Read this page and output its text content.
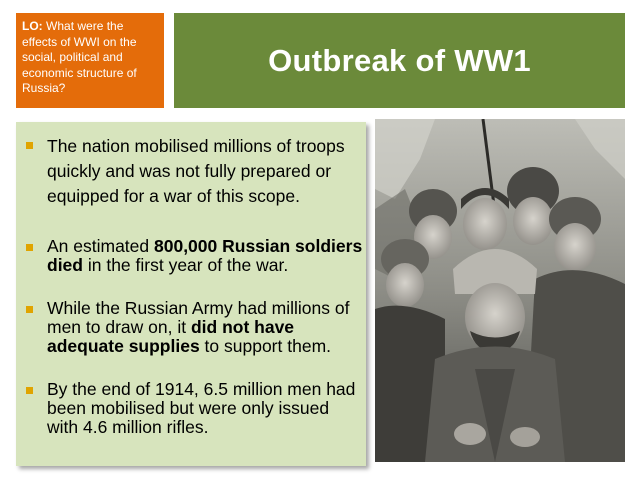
LO: What were the effects of WWI on the social, political and economic structure of Russia?
Outbreak of WW1
The nation mobilised millions of troops quickly and was not fully prepared or equipped for a war of this scope.
An estimated 800,000 Russian soldiers died in the first year of the war.
While the Russian Army had millions of men to draw on, it did not have adequate supplies to support them.
By the end of 1914, 6.5 million men had been mobilised but were only issued with 4.6 million rifles.
